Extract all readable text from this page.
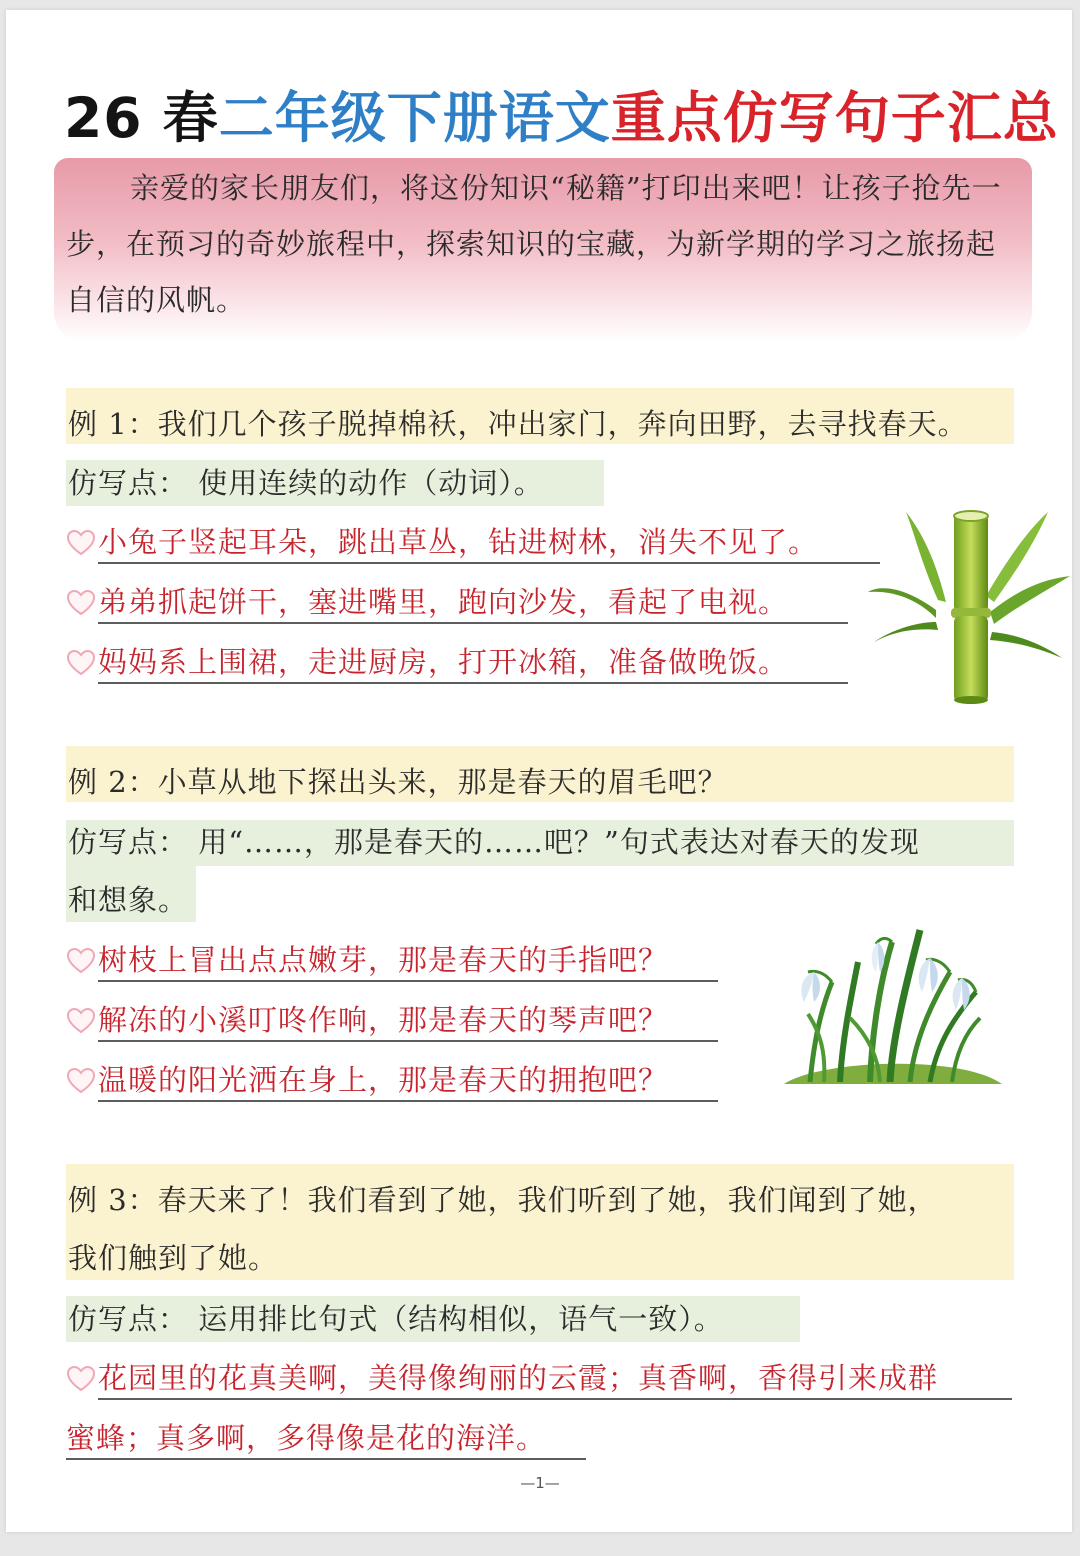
26 春二年级下册语文重点仿写句子汇总
亲爱的家长朋友们，将这份知识“秘籍”打印出来吧！让孩子抢先一步，在预习的奇妙旅程中，探索知识的宝藏，为新学期的学习之旅扬起自信的风帆。
例 1：我们几个孩子脱掉棉袄，冲出家门，奔向田野，去寻找春天。
仿写点： 使用连续的动作（动词）。
小兔子竖起耳朵，跳出草丛，钻进树林，消失不见了。
弟弟抓起饼干，塞进嘴里，跑向沙发，看起了电视。
妈妈系上围裙，走进厨房，打开冰箱，准备做晚饭。
例 2：小草从地下探出头来，那是春天的眉毛吧？
仿写点： 用“……，那是春天的……吧？”句式表达对春天的发现
和想象。
树枝上冒出点点嫩芽，那是春天的手指吧？
解冻的小溪叮咚作响，那是春天的琴声吧？
温暖的阳光洒在身上，那是春天的拥抱吧？
例 3：春天来了！我们看到了她，我们听到了她，我们闻到了她，
我们触到了她。
仿写点： 运用排比句式（结构相似，语气一致）。
花园里的花真美啊，美得像绚丽的云霞；真香啊，香得引来成群
蜜蜂；真多啊，多得像是花的海洋。
—1—
